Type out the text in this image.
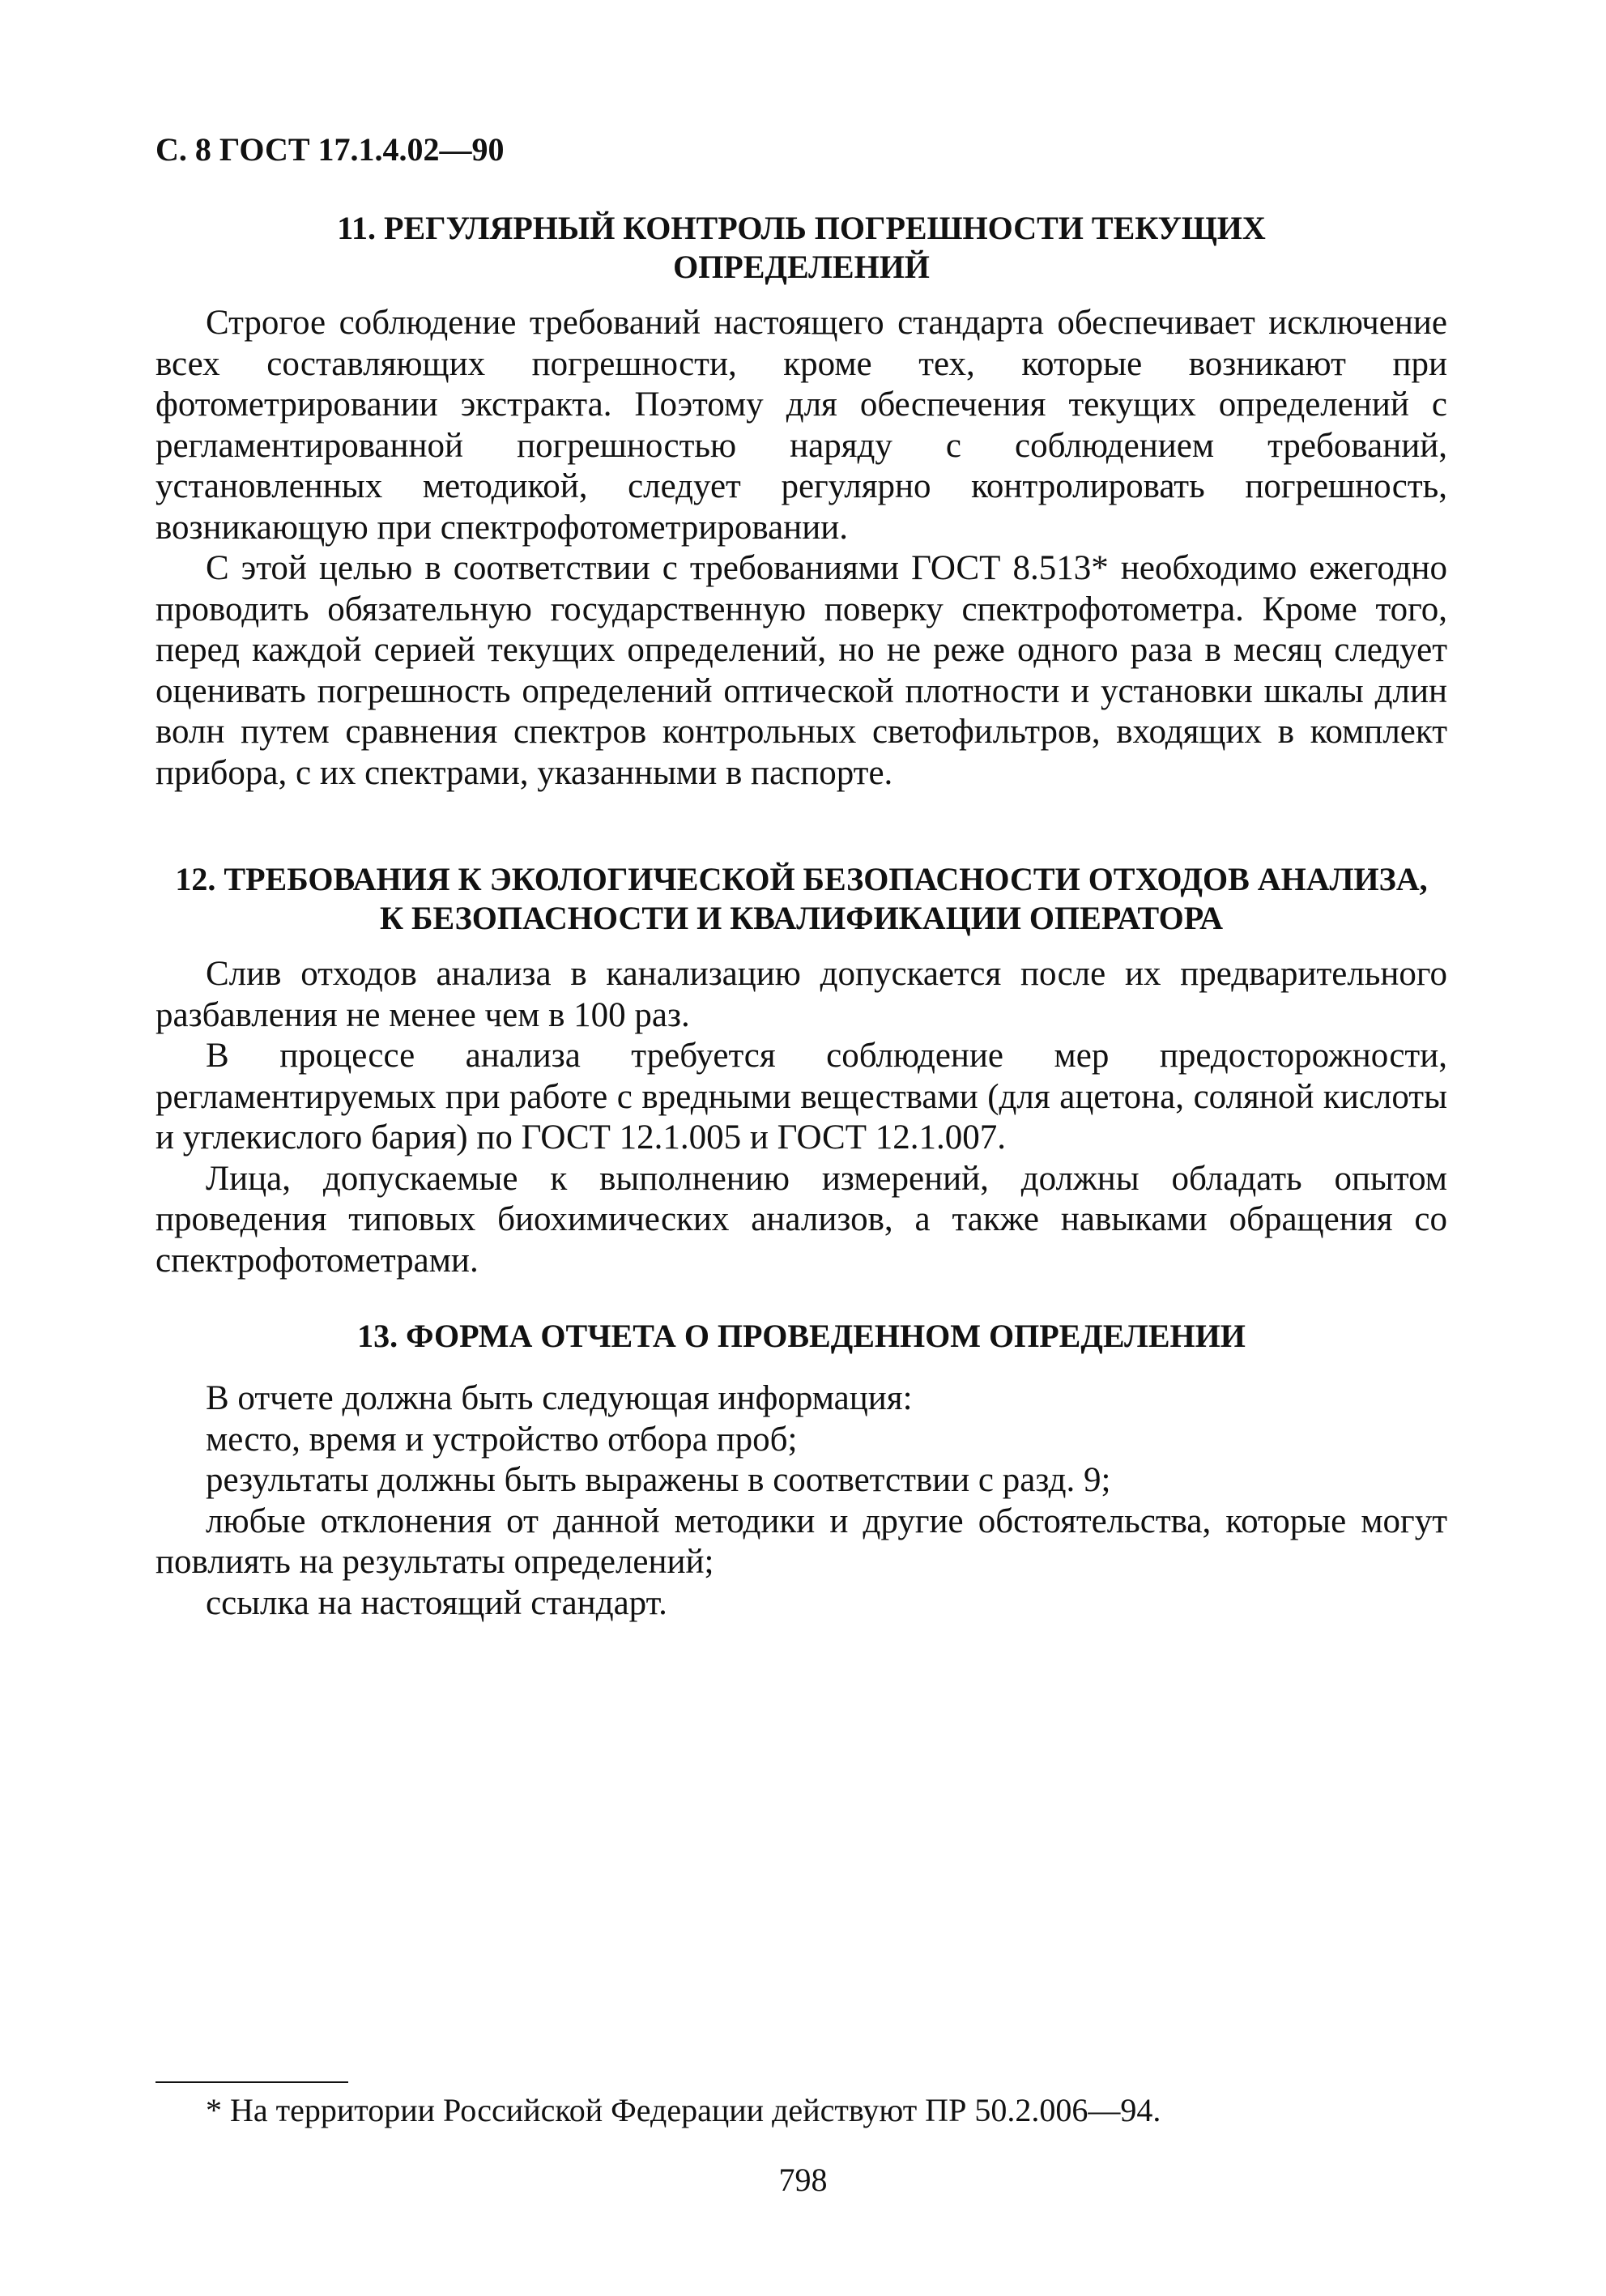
С. 8 ГОСТ 17.1.4.02—90
11. РЕГУЛЯРНЫЙ КОНТРОЛЬ ПОГРЕШНОСТИ ТЕКУЩИХ
ОПРЕДЕЛЕНИЙ

Строгое соблюдение требований настоящего стандарта обеспечивает исключение всех составляющих погрешности, кроме тех, которые возникают при фотометрировании экстракта. Поэтому для обеспечения текущих определений с регламентированной погрешностью наряду с соблюдением требований, установленных методикой, следует регулярно контролировать погрешность, возникающую при спектрофотометрировании.

С этой целью в соответствии с требованиями ГОСТ 8.513* необходимо ежегодно проводить обязательную государственную поверку спектрофотометра. Кроме того, перед каждой серией текущих определений, но не реже одного раза в месяц следует оценивать погрешность определений оптической плотности и установки шкалы длин волн путем сравнения спектров контрольных светофильтров, входящих в комплект прибора, с их спектрами, указанными в паспорте.

12. ТРЕБОВАНИЯ К ЭКОЛОГИЧЕСКОЙ БЕЗОПАСНОСТИ ОТХОДОВ АНАЛИЗА,
К БЕЗОПАСНОСТИ И КВАЛИФИКАЦИИ ОПЕРАТОРА

Слив отходов анализа в канализацию допускается после их предварительного разбавления не менее чем в 100 раз.

В процессе анализа требуется соблюдение мер предосторожности, регламентируемых при работе с вредными веществами (для ацетона, соляной кислоты и углекислого бария) по ГОСТ 12.1.005 и ГОСТ 12.1.007.

Лица, допускаемые к выполнению измерений, должны обладать опытом проведения типовых биохимических анализов, а также навыками обращения со спектрофотометрами.

13. ФОРМА ОТЧЕТА О ПРОВЕДЕННОМ ОПРЕДЕЛЕНИИ

В отчете должна быть следующая информация:

место, время и устройство отбора проб;

результаты должны быть выражены в соответствии с разд. 9;

любые отклонения от данной методики и другие обстоятельства, которые могут повлиять на результаты определений;

ссылка на настоящий стандарт.

* На территории Российской Федерации действуют ПР 50.2.006—94.

798
